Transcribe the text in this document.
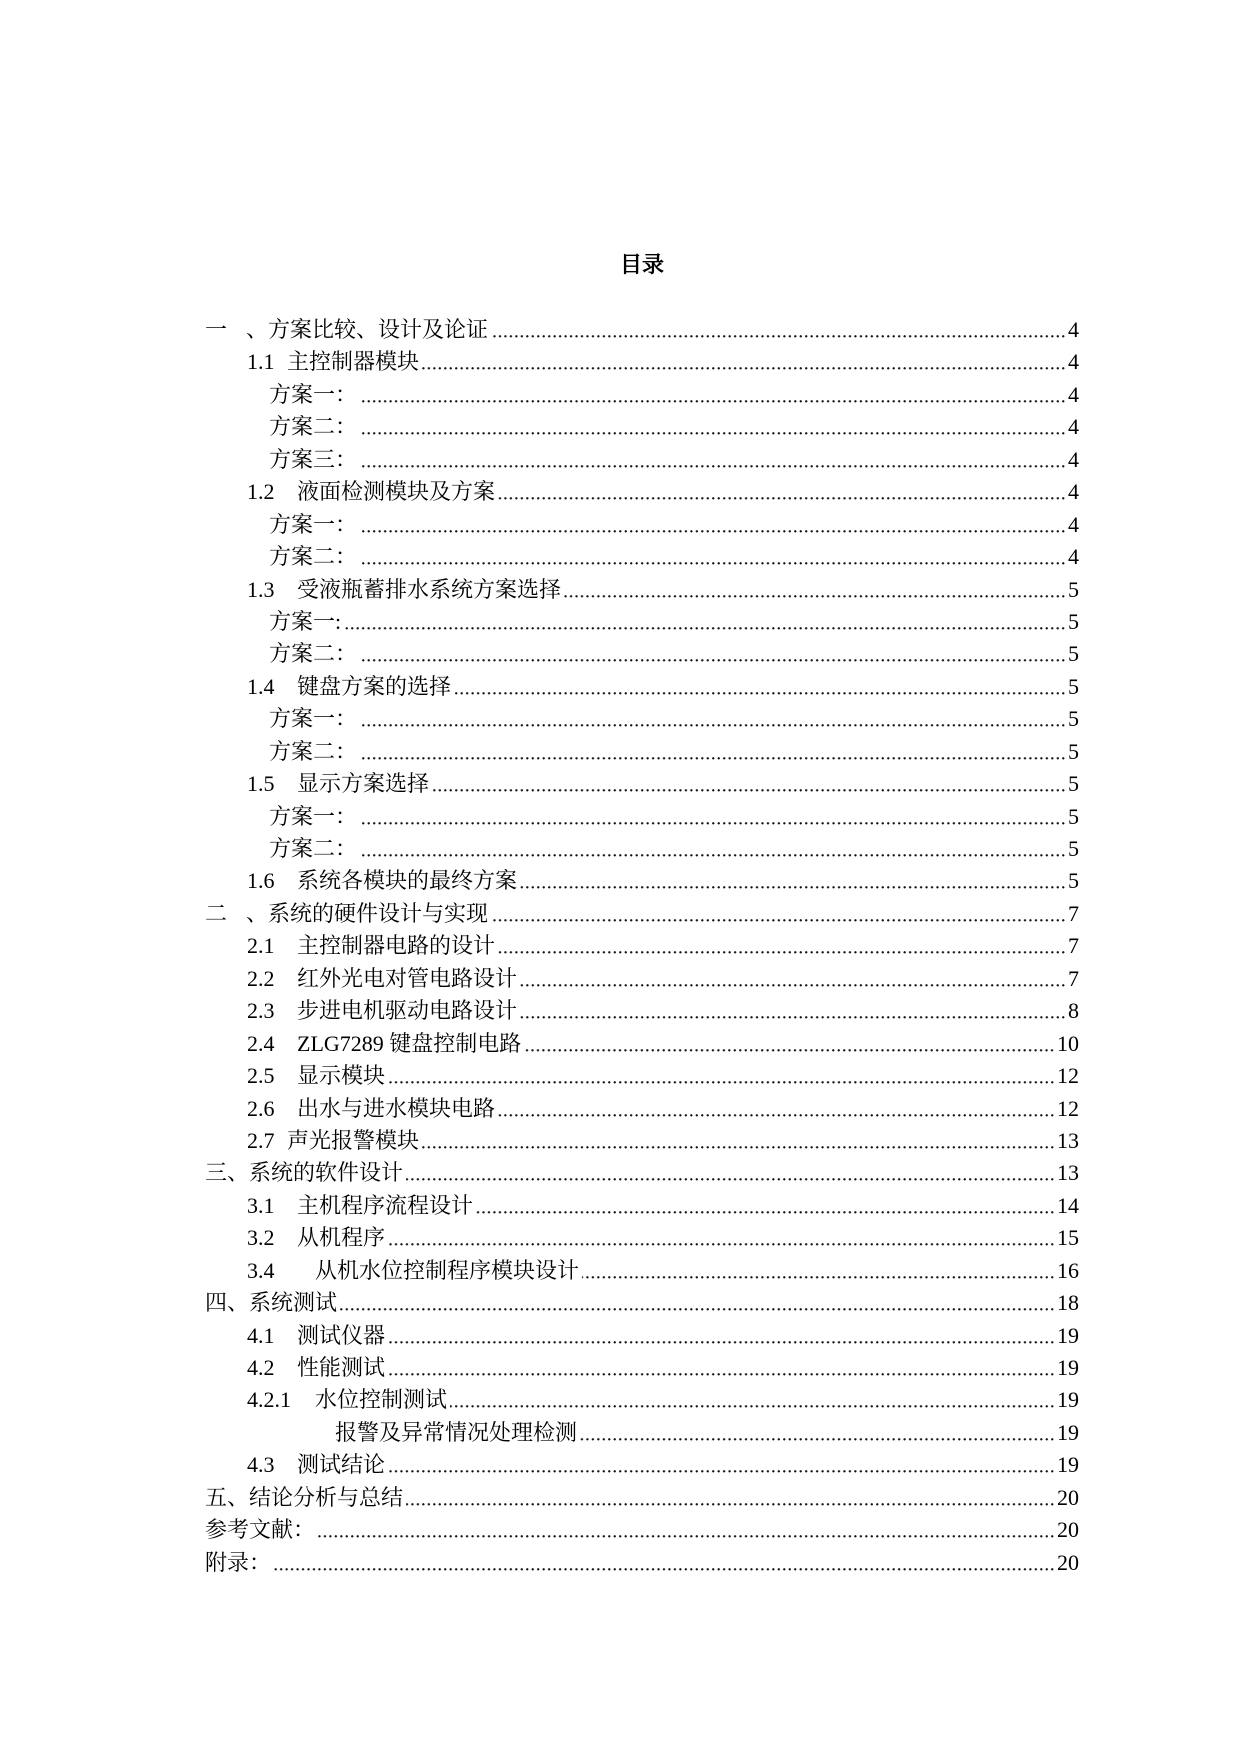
目录
一 、方案比较、设计及论证	4
1.1 主控制器模块	4
方案一：	4
方案二：	4
方案三：	4
1.2	液面检测模块及方案	4
方案一：	4
方案二：	4
1.3	受液瓶蓄排水系统方案选择	5
方案一:	5
方案二：	5
1.4	键盘方案的选择	5
方案一：	5
方案二：	5
1.5	显示方案选择	5
方案一：	5
方案二：	5
1.6	系统各模块的最终方案	5
二 、系统的硬件设计与实现	7
2.1	主控制器电路的设计	7
2.2	红外光电对管电路设计	7
2.3	步进电机驱动电路设计	8
2.4	ZLG7289 键盘控制电路	10
2.5	显示模块	12
2.6	出水与进水模块电路	12
2.7 声光报警模块	13
三、系统的软件设计	13
3.1	主机程序流程设计	14
3.2	从机程序	15
3.4	从机水位控制程序模块设计	16
四、系统测试	18
4.1	测试仪器	19
4.2	性能测试	19
4.2.1	水位控制测试	19
报警及异常情况处理检测	19
4.3	测试结论	19
五、结论分析与总结	20
参考文献：	20
附录：	20
